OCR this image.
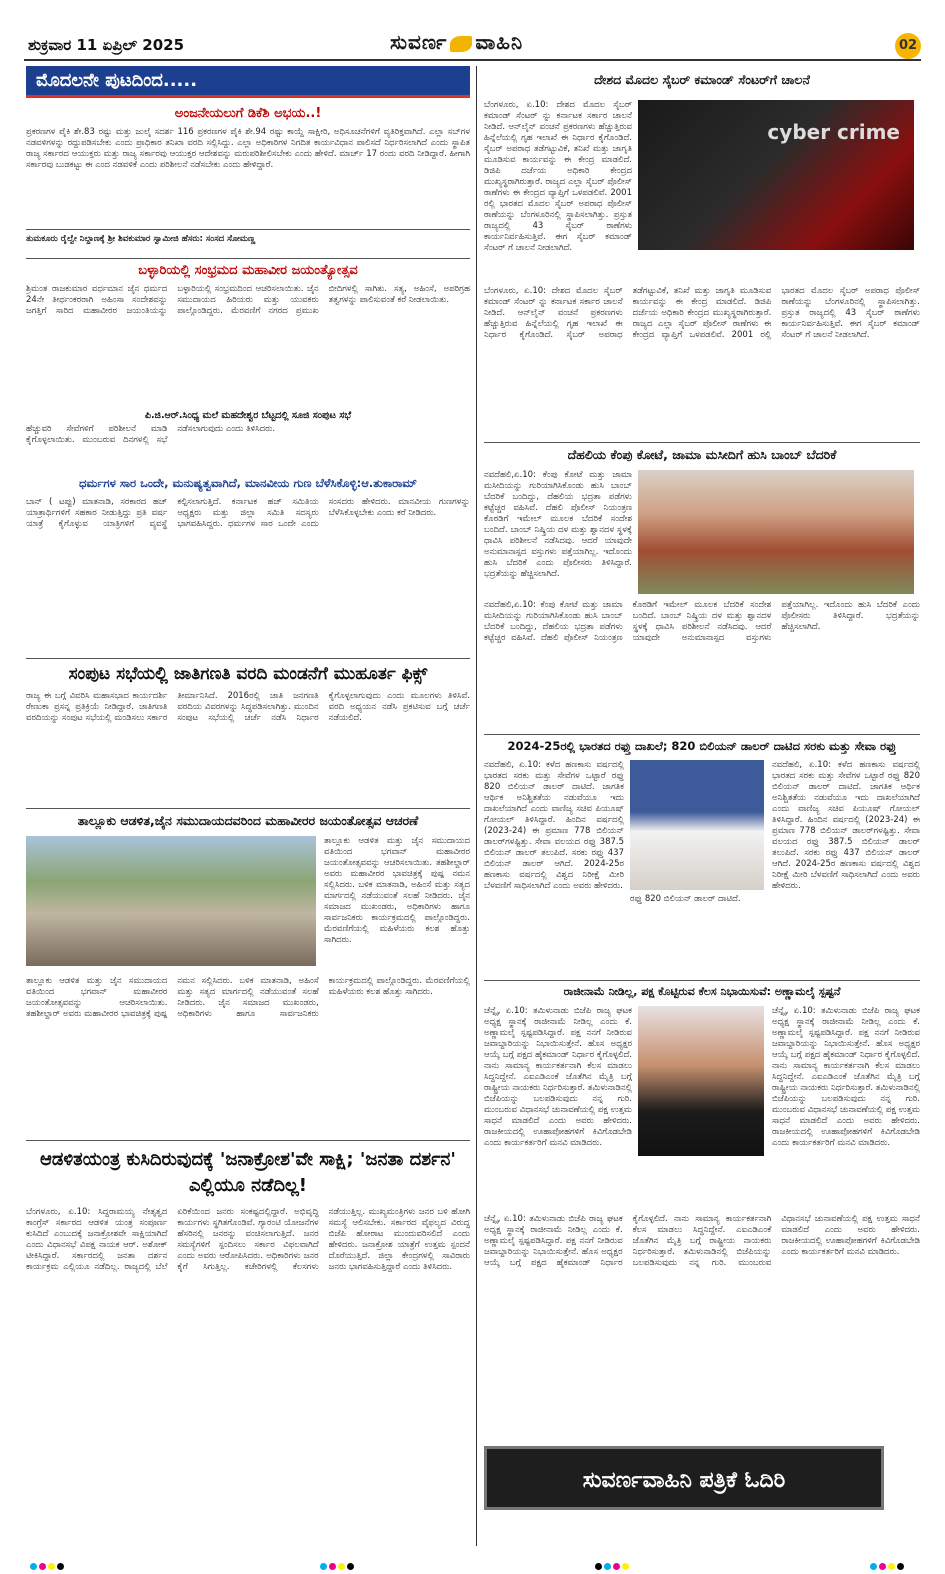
ಶುಕ್ರವಾರ 11 ಏಪ್ರಿಲ್ 2025	ಸುವರ್ಣ ವಾಹಿನಿ	02
ಮೊದಲನೇ ಪುಟದಿಂದ.....
ಅಂಜನೇಯಲುಗೆ ಡಿಕೆಶಿ ಅಭಯ..!
ಪ್ರಕರಣಗಳ ಪೈಕಿ ಶೇ.83 ರಷ್ಟು ಮತ್ತು ಜುಲೈ ಸದರ್ಶ 116 ಪ್ರಕರಣಗಳ ಪೈಕಿ ಶೇ.94 ರಷ್ಟು ಕಾಯ್ದೆ ಸಾಕ್ಷೀರಿ, ಅಧಿಸೂಚನೆಗಳಿಗೆ ವ್ಯತಿರಿಕ್ತವಾಗಿದೆ. ಎಲ್ಲಾ ಸಬ್‌ಗಳ ನಡವಳಿಗಳನ್ನು ರದ್ದುಪಡಿಸಬೇಕು ಎಂದು ಪ್ರಾಧಿಕಾರ ತನಿಖಾ ವರದಿ ಸಲ್ಲಿಸಿದ್ದು. ಎಲ್ಲಾ ಅಧಿಕಾರಿಗಳ ನಿಗದಿತ ಕಾರ್ಯವಿಧಾನ ಪಾಲಿಸದೆ ನಿರ್ಧರಿಸಲಾಗಿದೆ ಎಂದು ಸ್ಥಾಪಿತ ರಾಜ್ಯ ಸರ್ಕಾರದ ಆಯುಕ್ತರು ಮತ್ತು ರಾಜ್ಯ ಸರ್ಕಾರವು ಆಯುಕ್ತರ ಆದೇಶವನ್ನು ಮರುಪರಿಶೀಲಿಸಬೇಕು ಎಂದು ಹೇಳಿದೆ. ಮಾರ್ಚ್ 17 ರಂದು ವರದಿ ನೀಡಿದ್ದಾರೆ. ಹೀಗಾಗಿ ಸರ್ಕಾರವು ಬುಡಕಟ್ಟು ಈ ಎಂದ ನಡವಳಿಕೆ ಎಂದು ಪರಿಶೀಲನೆ ನಡೆಸಬೇಕು ಎಂದು ಹೇಳಿದ್ದಾರೆ.
ತುಮಕೂರು ರೈಲ್ವೇ ನಿಲ್ದಾಣಕ್ಕೆ ಶ್ರೀ ಶಿವಕುಮಾರ ಸ್ವಾಮೀಜಿ ಹೆಸರು: ಸಂಸದ ಸೋಮಣ್ಣ
ಬಳ್ಳಾರಿಯಲ್ಲಿ ಸಂಭ್ರಮದ ಮಹಾವೀರ ಜಯಂತ್ಯೋತ್ಸವ
ಶ್ರಿಮಂತ ರಾಜಕುಮಾರ ವರ್ಧಮಾನ ಜೈನ ಧರ್ಮದ 24ನೇ ತೀರ್ಥಂಕರರಾಗಿ ಅಹಿಂಸಾ ಸಂದೇಶವನ್ನು ಜಗತ್ತಿಗೆ ಸಾರಿದ ಮಹಾವೀರರ ಜಯಂತಿಯನ್ನು ಬಳ್ಳಾರಿಯಲ್ಲಿ ಸಂಭ್ರಮದಿಂದ ಆಚರಿಸಲಾಯಿತು. ಜೈನ ಸಮುದಾಯದ ಹಿರಿಯರು ಮತ್ತು ಯುವಕರು ಪಾಲ್ಗೊಂಡಿದ್ದರು. ಮೆರವಣಿಗೆ ನಗರದ ಪ್ರಮುಖ ಬೀದಿಗಳಲ್ಲಿ ಸಾಗಿತು. ಸತ್ಯ, ಅಹಿಂಸೆ, ಅಪರಿಗ್ರಹ ತತ್ವಗಳನ್ನು ಪಾಲಿಸುವಂತೆ ಕರೆ ನೀಡಲಾಯಿತು.
ಪಿ.ಜಿ.ಆರ್.ಸಿಂಧ್ಯ ಮಲೆ ಮಹದೇಶ್ವರ ಬೆಟ್ಟದಲ್ಲಿ ಸೂಜಿ ಸಂಪುಟ ಸಭೆ
ಹೆಚ್ಚುವರಿ ಸೇವೆಗಳಿಗೆ ಪರಿಶೀಲನೆ ಮಾಡಿ ಕೈಗೊಳ್ಳಲಾಯಿತು. ಮುಂಬರುವ ದಿನಗಳಲ್ಲಿ ಸಭೆ ನಡೆಸಲಾಗುವುದು ಎಂದು ತಿಳಿಸಿದರು.
ಧರ್ಮಗಳ ಸಾರ ಒಂದೇ, ಮನುಷ್ಯತ್ವವಾಗಿದೆ, ಮಾನವೀಯ ಗುಣ ಬೆಳೆಸಿಕೊಳ್ಳಿ:ಆ.ತುಕಾರಾಮ್
ಬಾನ್ ( ಟಪ್ಪು) ಮಾತನಾಡಿ, ಸರಕಾರದ ಹಜ್ ಯಾತ್ರಾರ್ಥಿಗಳಿಗೆ ಸಹಕಾರ ನೀಡುತ್ತಿದ್ದು ಪ್ರತಿ ವರ್ಷ ಯಾತ್ರೆ ಕೈಗೊಳ್ಳುವ ಯಾತ್ರಿಗಳಿಗೆ ವ್ಯವಸ್ಥೆ ಕಲ್ಪಿಸಲಾಗುತ್ತಿದೆ. ಕರ್ನಾಟಕ ಹಜ್ ಸಮಿತಿಯ ಅಧ್ಯಕ್ಷರು ಮತ್ತು ಜಿಲ್ಲಾ ಸಮಿತಿ ಸದಸ್ಯರು ಭಾಗವಹಿಸಿದ್ದರು. ಧರ್ಮಗಳ ಸಾರ ಒಂದೇ ಎಂದು ಸಂಸದರು ಹೇಳಿದರು. ಮಾನವೀಯ ಗುಣಗಳನ್ನು ಬೆಳೆಸಿಕೊಳ್ಳಬೇಕು ಎಂದು ಕರೆ ನೀಡಿದರು.
ಸಂಪುಟ ಸಭೆಯಲ್ಲಿ ಜಾತಿಗಣತಿ ವರದಿ ಮಂಡನೆಗೆ ಮುಹೂರ್ತ ಫಿಕ್ಸ್
ರಾಜ್ಯ ಈ ಬಗ್ಗೆ ವಿವರಿಸಿ ಮಹಾಸಭಾದ ಕಾರ್ಯದರ್ಶಿ ರೇಣುಕಾ ಪ್ರಸನ್ನ ಪ್ರತಿಕ್ರಿಯೆ ನೀಡಿದ್ದಾರೆ. ಜಾತಿಗಣತಿ ವರದಿಯನ್ನು ಸಂಪುಟ ಸಭೆಯಲ್ಲಿ ಮಂಡಿಸಲು ಸರ್ಕಾರ ತೀರ್ಮಾನಿಸಿದೆ. 2016ರಲ್ಲಿ ಜಾತಿ ಜನಗಣತಿ ವರದಿಯ ವಿವರಗಳನ್ನು ಸಿದ್ಧಪಡಿಸಲಾಗಿತ್ತು. ಮುಂದಿನ ಸಂಪುಟ ಸಭೆಯಲ್ಲಿ ಚರ್ಚೆ ನಡೆಸಿ ನಿರ್ಧಾರ ಕೈಗೊಳ್ಳಲಾಗುವುದು ಎಂದು ಮೂಲಗಳು ತಿಳಿಸಿವೆ. ವರದಿ ಅಧ್ಯಯನ ನಡೆಸಿ ಪ್ರಕಟಿಸುವ ಬಗ್ಗೆ ಚರ್ಚೆ ನಡೆಯಲಿದೆ.
ತಾಲ್ಲೂಕು ಆಡಳಿತ,ಜೈನ ಸಮುದಾಯದವರಿಂದ ಮಹಾವೀರರ ಜಯಂತೋತ್ಸವ ಆಚರಣೆ
ತಾಲ್ಲೂಕು ಆಡಳಿತ ಮತ್ತು ಜೈನ ಸಮುದಾಯದ ವತಿಯಿಂದ ಭಗವಾನ್ ಮಹಾವೀರರ ಜಯಂತೋತ್ಸವವನ್ನು ಆಚರಿಸಲಾಯಿತು. ತಹಶೀಲ್ದಾರ್ ಅವರು ಮಹಾವೀರರ ಭಾವಚಿತ್ರಕ್ಕೆ ಪುಷ್ಪ ನಮನ ಸಲ್ಲಿಸಿದರು. ಬಳಿಕ ಮಾತನಾಡಿ, ಅಹಿಂಸೆ ಮತ್ತು ಸತ್ಯದ ಮಾರ್ಗದಲ್ಲಿ ನಡೆಯುವಂತೆ ಸಲಹೆ ನೀಡಿದರು. ಜೈನ ಸಮಾಜದ ಮುಖಂಡರು, ಅಧಿಕಾರಿಗಳು ಹಾಗೂ ಸಾರ್ವಜನಿಕರು ಕಾರ್ಯಕ್ರಮದಲ್ಲಿ ಪಾಲ್ಗೊಂಡಿದ್ದರು. ಮೆರವಣಿಗೆಯಲ್ಲಿ ಮಹಿಳೆಯರು ಕಲಶ ಹೊತ್ತು ಸಾಗಿದರು.
ತಾಲ್ಲೂಕು ಆಡಳಿತ ಮತ್ತು ಜೈನ ಸಮುದಾಯದ ವತಿಯಿಂದ ಭಗವಾನ್ ಮಹಾವೀರರ ಜಯಂತೋತ್ಸವವನ್ನು ಆಚರಿಸಲಾಯಿತು. ತಹಶೀಲ್ದಾರ್ ಅವರು ಮಹಾವೀರರ ಭಾವಚಿತ್ರಕ್ಕೆ ಪುಷ್ಪ ನಮನ ಸಲ್ಲಿಸಿದರು. ಬಳಿಕ ಮಾತನಾಡಿ, ಅಹಿಂಸೆ ಮತ್ತು ಸತ್ಯದ ಮಾರ್ಗದಲ್ಲಿ ನಡೆಯುವಂತೆ ಸಲಹೆ ನೀಡಿದರು. ಜೈನ ಸಮಾಜದ ಮುಖಂಡರು, ಅಧಿಕಾರಿಗಳು ಹಾಗೂ ಸಾರ್ವಜನಿಕರು ಕಾರ್ಯಕ್ರಮದಲ್ಲಿ ಪಾಲ್ಗೊಂಡಿದ್ದರು. ಮೆರವಣಿಗೆಯಲ್ಲಿ ಮಹಿಳೆಯರು ಕಲಶ ಹೊತ್ತು ಸಾಗಿದರು.
ಆಡಳಿತಯಂತ್ರ ಕುಸಿದಿರುವುದಕ್ಕೆ 'ಜನಾಕ್ರೋಶ'ವೇ ಸಾಕ್ಷಿ; 'ಜನತಾ ದರ್ಶನ' ಎಲ್ಲಿಯೂ ನಡೆದಿಲ್ಲ!
ಬೆಂಗಳೂರು, ಏ.10: ಸಿದ್ದರಾಮಯ್ಯ ನೇತೃತ್ವದ ಕಾಂಗ್ರೆಸ್ ಸರ್ಕಾರದ ಆಡಳಿತ ಯಂತ್ರ ಸಂಪೂರ್ಣ ಕುಸಿದಿದೆ ಎಂಬುದಕ್ಕೆ ಜನಾಕ್ರೋಶವೇ ಸಾಕ್ಷಿಯಾಗಿದೆ ಎಂದು ವಿಧಾನಸಭೆ ವಿಪಕ್ಷ ನಾಯಕ ಆರ್. ಅಶೋಕ್ ಟೀಕಿಸಿದ್ದಾರೆ. ಸರ್ಕಾರದಲ್ಲಿ ಜನತಾ ದರ್ಶನ ಕಾರ್ಯಕ್ರಮ ಎಲ್ಲಿಯೂ ನಡೆದಿಲ್ಲ. ರಾಜ್ಯದಲ್ಲಿ ಬೆಲೆ ಏರಿಕೆಯಿಂದ ಜನರು ಸಂಕಷ್ಟದಲ್ಲಿದ್ದಾರೆ. ಅಭಿವೃದ್ಧಿ ಕಾರ್ಯಗಳು ಸ್ಥಗಿತಗೊಂಡಿವೆ. ಗ್ಯಾರಂಟಿ ಯೋಜನೆಗಳ ಹೆಸರಿನಲ್ಲಿ ಜನರನ್ನು ವಂಚಿಸಲಾಗುತ್ತಿದೆ. ಜನರ ಸಮಸ್ಯೆಗಳಿಗೆ ಸ್ಪಂದಿಸಲು ಸರ್ಕಾರ ವಿಫಲವಾಗಿದೆ ಎಂದು ಅವರು ಆರೋಪಿಸಿದರು. ಅಧಿಕಾರಿಗಳು ಜನರ ಕೈಗೆ ಸಿಗುತ್ತಿಲ್ಲ. ಕಚೇರಿಗಳಲ್ಲಿ ಕೆಲಸಗಳು ನಡೆಯುತ್ತಿಲ್ಲ. ಮುಖ್ಯಮಂತ್ರಿಗಳು ಜನರ ಬಳಿ ಹೋಗಿ ಸಮಸ್ಯೆ ಆಲಿಸಬೇಕು. ಸರ್ಕಾರದ ವೈಫಲ್ಯದ ವಿರುದ್ಧ ಬಿಜೆಪಿ ಹೋರಾಟ ಮುಂದುವರಿಸಲಿದೆ ಎಂದು ಹೇಳಿದರು. ಜನಾಕ್ರೋಶ ಯಾತ್ರೆಗೆ ಉತ್ತಮ ಸ್ಪಂದನೆ ದೊರೆಯುತ್ತಿದೆ. ಜಿಲ್ಲಾ ಕೇಂದ್ರಗಳಲ್ಲಿ ಸಾವಿರಾರು ಜನರು ಭಾಗವಹಿಸುತ್ತಿದ್ದಾರೆ ಎಂದು ತಿಳಿಸಿದರು.
ದೇಶದ ಮೊದಲ ಸೈಬರ್ ಕಮಾಂಡ್ ಸೆಂಟರ್‌ಗೆ ಚಾಲನೆ
ಬೆಂಗಳೂರು, ಏ.10: ದೇಶದ ಮೊದಲ ಸೈಬರ್ ಕಮಾಂಡ್ ಸೆಂಟರ್ ನ್ನು ಕರ್ನಾಟಕ ಸರ್ಕಾರ ಚಾಲನೆ ನೀಡಿದೆ. ಆನ್‌ಲೈನ್ ವಂಚನೆ ಪ್ರಕರಣಗಳು ಹೆಚ್ಚುತ್ತಿರುವ ಹಿನ್ನೆಲೆಯಲ್ಲಿ ಗೃಹ ಇಲಾಖೆ ಈ ನಿರ್ಧಾರ ಕೈಗೊಂಡಿದೆ. ಸೈಬರ್ ಅಪರಾಧ ತಡೆಗಟ್ಟುವಿಕೆ, ತನಿಖೆ ಮತ್ತು ಜಾಗೃತಿ ಮೂಡಿಸುವ ಕಾರ್ಯವನ್ನು ಈ ಕೇಂದ್ರ ಮಾಡಲಿದೆ. ಡಿಜಿಪಿ ದರ್ಜೆಯ ಅಧಿಕಾರಿ ಕೇಂದ್ರದ ಮುಖ್ಯಸ್ಥರಾಗಿರುತ್ತಾರೆ. ರಾಜ್ಯದ ಎಲ್ಲಾ ಸೈಬರ್ ಪೊಲೀಸ್ ಠಾಣೆಗಳು ಈ ಕೇಂದ್ರದ ವ್ಯಾಪ್ತಿಗೆ ಒಳಪಡಲಿವೆ. 2001 ರಲ್ಲಿ ಭಾರತದ ಮೊದಲ ಸೈಬರ್ ಅಪರಾಧ ಪೊಲೀಸ್ ಠಾಣೆಯನ್ನು ಬೆಂಗಳೂರಿನಲ್ಲಿ ಸ್ಥಾಪಿಸಲಾಗಿತ್ತು. ಪ್ರಸ್ತುತ ರಾಜ್ಯದಲ್ಲಿ 43 ಸೈಬರ್ ಠಾಣೆಗಳು ಕಾರ್ಯನಿರ್ವಹಿಸುತ್ತಿವೆ. ಈಗ ಸೈಬರ್ ಕಮಾಂಡ್ ಸೆಂಟರ್ ಗೆ ಚಾಲನೆ ನೀಡಲಾಗಿದೆ.
cyber crime
ಬೆಂಗಳೂರು, ಏ.10: ದೇಶದ ಮೊದಲ ಸೈಬರ್ ಕಮಾಂಡ್ ಸೆಂಟರ್ ನ್ನು ಕರ್ನಾಟಕ ಸರ್ಕಾರ ಚಾಲನೆ ನೀಡಿದೆ. ಆನ್‌ಲೈನ್ ವಂಚನೆ ಪ್ರಕರಣಗಳು ಹೆಚ್ಚುತ್ತಿರುವ ಹಿನ್ನೆಲೆಯಲ್ಲಿ ಗೃಹ ಇಲಾಖೆ ಈ ನಿರ್ಧಾರ ಕೈಗೊಂಡಿದೆ. ಸೈಬರ್ ಅಪರಾಧ ತಡೆಗಟ್ಟುವಿಕೆ, ತನಿಖೆ ಮತ್ತು ಜಾಗೃತಿ ಮೂಡಿಸುವ ಕಾರ್ಯವನ್ನು ಈ ಕೇಂದ್ರ ಮಾಡಲಿದೆ. ಡಿಜಿಪಿ ದರ್ಜೆಯ ಅಧಿಕಾರಿ ಕೇಂದ್ರದ ಮುಖ್ಯಸ್ಥರಾಗಿರುತ್ತಾರೆ. ರಾಜ್ಯದ ಎಲ್ಲಾ ಸೈಬರ್ ಪೊಲೀಸ್ ಠಾಣೆಗಳು ಈ ಕೇಂದ್ರದ ವ್ಯಾಪ್ತಿಗೆ ಒಳಪಡಲಿವೆ. 2001 ರಲ್ಲಿ ಭಾರತದ ಮೊದಲ ಸೈಬರ್ ಅಪರಾಧ ಪೊಲೀಸ್ ಠಾಣೆಯನ್ನು ಬೆಂಗಳೂರಿನಲ್ಲಿ ಸ್ಥಾಪಿಸಲಾಗಿತ್ತು. ಪ್ರಸ್ತುತ ರಾಜ್ಯದಲ್ಲಿ 43 ಸೈಬರ್ ಠಾಣೆಗಳು ಕಾರ್ಯನಿರ್ವಹಿಸುತ್ತಿವೆ. ಈಗ ಸೈಬರ್ ಕಮಾಂಡ್ ಸೆಂಟರ್ ಗೆ ಚಾಲನೆ ನೀಡಲಾಗಿದೆ.
ದೆಹಲಿಯ ಕೆಂಪು ಕೋಟೆ, ಜಾಮಾ ಮಸೀದಿಗೆ ಹುಸಿ ಬಾಂಬ್ ಬೆದರಿಕೆ
ನವದೆಹಲಿ,ಏ.10: ಕೆಂಪು ಕೋಟೆ ಮತ್ತು ಜಾಮಾ ಮಸೀದಿಯನ್ನು ಗುರಿಯಾಗಿಸಿಕೊಂಡು ಹುಸಿ ಬಾಂಬ್ ಬೆದರಿಕೆ ಬಂದಿದ್ದು, ದೆಹಲಿಯ ಭದ್ರತಾ ಪಡೆಗಳು ಕಟ್ಟೆಚ್ಚರ ವಹಿಸಿವೆ. ದೆಹಲಿ ಪೊಲೀಸ್ ನಿಯಂತ್ರಣ ಕೊಠಡಿಗೆ ಇಮೇಲ್ ಮೂಲಕ ಬೆದರಿಕೆ ಸಂದೇಶ ಬಂದಿದೆ. ಬಾಂಬ್ ನಿಷ್ಕ್ರಿಯ ದಳ ಮತ್ತು ಶ್ವಾನದಳ ಸ್ಥಳಕ್ಕೆ ಧಾವಿಸಿ ಪರಿಶೀಲನೆ ನಡೆಸಿದವು. ಆದರೆ ಯಾವುದೇ ಅನುಮಾನಾಸ್ಪದ ವಸ್ತುಗಳು ಪತ್ತೆಯಾಗಿಲ್ಲ. ಇದೊಂದು ಹುಸಿ ಬೆದರಿಕೆ ಎಂದು ಪೊಲೀಸರು ತಿಳಿಸಿದ್ದಾರೆ. ಭದ್ರತೆಯನ್ನು ಹೆಚ್ಚಿಸಲಾಗಿದೆ.
ನವದೆಹಲಿ,ಏ.10: ಕೆಂಪು ಕೋಟೆ ಮತ್ತು ಜಾಮಾ ಮಸೀದಿಯನ್ನು ಗುರಿಯಾಗಿಸಿಕೊಂಡು ಹುಸಿ ಬಾಂಬ್ ಬೆದರಿಕೆ ಬಂದಿದ್ದು, ದೆಹಲಿಯ ಭದ್ರತಾ ಪಡೆಗಳು ಕಟ್ಟೆಚ್ಚರ ವಹಿಸಿವೆ. ದೆಹಲಿ ಪೊಲೀಸ್ ನಿಯಂತ್ರಣ ಕೊಠಡಿಗೆ ಇಮೇಲ್ ಮೂಲಕ ಬೆದರಿಕೆ ಸಂದೇಶ ಬಂದಿದೆ. ಬಾಂಬ್ ನಿಷ್ಕ್ರಿಯ ದಳ ಮತ್ತು ಶ್ವಾನದಳ ಸ್ಥಳಕ್ಕೆ ಧಾವಿಸಿ ಪರಿಶೀಲನೆ ನಡೆಸಿದವು. ಆದರೆ ಯಾವುದೇ ಅನುಮಾನಾಸ್ಪದ ವಸ್ತುಗಳು ಪತ್ತೆಯಾಗಿಲ್ಲ. ಇದೊಂದು ಹುಸಿ ಬೆದರಿಕೆ ಎಂದು ಪೊಲೀಸರು ತಿಳಿಸಿದ್ದಾರೆ. ಭದ್ರತೆಯನ್ನು ಹೆಚ್ಚಿಸಲಾಗಿದೆ.
2024-25ರಲ್ಲಿ ಭಾರತದ ರಫ್ತು ದಾಖಲೆ; 820 ಬಿಲಿಯನ್ ಡಾಲರ್ ದಾಟಿದ ಸರಕು ಮತ್ತು ಸೇವಾ ರಫ್ತು
ನವದೆಹಲಿ, ಏ.10: ಕಳೆದ ಹಣಕಾಸು ವರ್ಷದಲ್ಲಿ ಭಾರತದ ಸರಕು ಮತ್ತು ಸೇವೆಗಳ ಒಟ್ಟಾರೆ ರಫ್ತು 820 ಬಿಲಿಯನ್ ಡಾಲರ್ ದಾಟಿದೆ. ಜಾಗತಿಕ ಆರ್ಥಿಕ ಅನಿಶ್ಚಿತತೆಯ ನಡುವೆಯೂ ಇದು ದಾಖಲೆಯಾಗಿದೆ ಎಂದು ವಾಣಿಜ್ಯ ಸಚಿವ ಪಿಯೂಷ್ ಗೋಯಲ್ ತಿಳಿಸಿದ್ದಾರೆ. ಹಿಂದಿನ ವರ್ಷದಲ್ಲಿ (2023-24) ಈ ಪ್ರಮಾಣ 778 ಬಿಲಿಯನ್ ಡಾಲರ್‌ಗಳಷ್ಟಿತ್ತು. ಸೇವಾ ವಲಯದ ರಫ್ತು 387.5 ಬಿಲಿಯನ್ ಡಾಲರ್ ತಲುಪಿದೆ. ಸರಕು ರಫ್ತು 437 ಬಿಲಿಯನ್ ಡಾಲರ್ ಆಗಿದೆ. 2024-25ರ ಹಣಕಾಸು ವರ್ಷದಲ್ಲಿ ವಿಶ್ವದ ನಿರೀಕ್ಷೆ ಮೀರಿ ಬೆಳವಣಿಗೆ ಸಾಧಿಸಲಾಗಿದೆ ಎಂದು ಅವರು ಹೇಳಿದರು.
ರಫ್ತು 820 ಬಿಲಿಯನ್ ಡಾಲರ್ ದಾಟಿದೆ.
ನವದೆಹಲಿ, ಏ.10: ಕಳೆದ ಹಣಕಾಸು ವರ್ಷದಲ್ಲಿ ಭಾರತದ ಸರಕು ಮತ್ತು ಸೇವೆಗಳ ಒಟ್ಟಾರೆ ರಫ್ತು 820 ಬಿಲಿಯನ್ ಡಾಲರ್ ದಾಟಿದೆ. ಜಾಗತಿಕ ಆರ್ಥಿಕ ಅನಿಶ್ಚಿತತೆಯ ನಡುವೆಯೂ ಇದು ದಾಖಲೆಯಾಗಿದೆ ಎಂದು ವಾಣಿಜ್ಯ ಸಚಿವ ಪಿಯೂಷ್ ಗೋಯಲ್ ತಿಳಿಸಿದ್ದಾರೆ. ಹಿಂದಿನ ವರ್ಷದಲ್ಲಿ (2023-24) ಈ ಪ್ರಮಾಣ 778 ಬಿಲಿಯನ್ ಡಾಲರ್‌ಗಳಷ್ಟಿತ್ತು. ಸೇವಾ ವಲಯದ ರಫ್ತು 387.5 ಬಿಲಿಯನ್ ಡಾಲರ್ ತಲುಪಿದೆ. ಸರಕು ರಫ್ತು 437 ಬಿಲಿಯನ್ ಡಾಲರ್ ಆಗಿದೆ. 2024-25ರ ಹಣಕಾಸು ವರ್ಷದಲ್ಲಿ ವಿಶ್ವದ ನಿರೀಕ್ಷೆ ಮೀರಿ ಬೆಳವಣಿಗೆ ಸಾಧಿಸಲಾಗಿದೆ ಎಂದು ಅವರು ಹೇಳಿದರು.
ರಾಜೀನಾಮೆ ನೀಡಿಲ್ಲ, ಪಕ್ಷ ಕೊಟ್ಟಿರುವ ಕೆಲಸ ನಿಭಾಯಿಸುವೆ: ಅಣ್ಣಾಮಲೈ ಸ್ಪಷ್ಟನೆ
ಚೆನ್ನೈ, ಏ.10: ತಮಿಳುನಾಡು ಬಿಜೆಪಿ ರಾಜ್ಯ ಘಟಕ ಅಧ್ಯಕ್ಷ ಸ್ಥಾನಕ್ಕೆ ರಾಜೀನಾಮೆ ನೀಡಿಲ್ಲ ಎಂದು ಕೆ. ಅಣ್ಣಾಮಲೈ ಸ್ಪಷ್ಟಪಡಿಸಿದ್ದಾರೆ. ಪಕ್ಷ ನನಗೆ ನೀಡಿರುವ ಜವಾಬ್ದಾರಿಯನ್ನು ನಿಭಾಯಿಸುತ್ತೇನೆ. ಹೊಸ ಅಧ್ಯಕ್ಷರ ಆಯ್ಕೆ ಬಗ್ಗೆ ಪಕ್ಷದ ಹೈಕಮಾಂಡ್ ನಿರ್ಧಾರ ಕೈಗೊಳ್ಳಲಿದೆ. ನಾನು ಸಾಮಾನ್ಯ ಕಾರ್ಯಕರ್ತನಾಗಿ ಕೆಲಸ ಮಾಡಲು ಸಿದ್ಧನಿದ್ದೇನೆ. ಎಐಎಡಿಎಂಕೆ ಜೊತೆಗಿನ ಮೈತ್ರಿ ಬಗ್ಗೆ ರಾಷ್ಟ್ರೀಯ ನಾಯಕರು ನಿರ್ಧರಿಸುತ್ತಾರೆ. ತಮಿಳುನಾಡಿನಲ್ಲಿ ಬಿಜೆಪಿಯನ್ನು ಬಲಪಡಿಸುವುದು ನನ್ನ ಗುರಿ. ಮುಂಬರುವ ವಿಧಾನಸಭೆ ಚುನಾವಣೆಯಲ್ಲಿ ಪಕ್ಷ ಉತ್ತಮ ಸಾಧನೆ ಮಾಡಲಿದೆ ಎಂದು ಅವರು ಹೇಳಿದರು. ರಾಜಕೀಯದಲ್ಲಿ ಊಹಾಪೋಹಗಳಿಗೆ ಕಿವಿಗೊಡಬೇಡಿ ಎಂದು ಕಾರ್ಯಕರ್ತರಿಗೆ ಮನವಿ ಮಾಡಿದರು.
ಚೆನ್ನೈ, ಏ.10: ತಮಿಳುನಾಡು ಬಿಜೆಪಿ ರಾಜ್ಯ ಘಟಕ ಅಧ್ಯಕ್ಷ ಸ್ಥಾನಕ್ಕೆ ರಾಜೀನಾಮೆ ನೀಡಿಲ್ಲ ಎಂದು ಕೆ. ಅಣ್ಣಾಮಲೈ ಸ್ಪಷ್ಟಪಡಿಸಿದ್ದಾರೆ. ಪಕ್ಷ ನನಗೆ ನೀಡಿರುವ ಜವಾಬ್ದಾರಿಯನ್ನು ನಿಭಾಯಿಸುತ್ತೇನೆ. ಹೊಸ ಅಧ್ಯಕ್ಷರ ಆಯ್ಕೆ ಬಗ್ಗೆ ಪಕ್ಷದ ಹೈಕಮಾಂಡ್ ನಿರ್ಧಾರ ಕೈಗೊಳ್ಳಲಿದೆ. ನಾನು ಸಾಮಾನ್ಯ ಕಾರ್ಯಕರ್ತನಾಗಿ ಕೆಲಸ ಮಾಡಲು ಸಿದ್ಧನಿದ್ದೇನೆ. ಎಐಎಡಿಎಂಕೆ ಜೊತೆಗಿನ ಮೈತ್ರಿ ಬಗ್ಗೆ ರಾಷ್ಟ್ರೀಯ ನಾಯಕರು ನಿರ್ಧರಿಸುತ್ತಾರೆ. ತಮಿಳುನಾಡಿನಲ್ಲಿ ಬಿಜೆಪಿಯನ್ನು ಬಲಪಡಿಸುವುದು ನನ್ನ ಗುರಿ. ಮುಂಬರುವ ವಿಧಾನಸಭೆ ಚುನಾವಣೆಯಲ್ಲಿ ಪಕ್ಷ ಉತ್ತಮ ಸಾಧನೆ ಮಾಡಲಿದೆ ಎಂದು ಅವರು ಹೇಳಿದರು. ರಾಜಕೀಯದಲ್ಲಿ ಊಹಾಪೋಹಗಳಿಗೆ ಕಿವಿಗೊಡಬೇಡಿ ಎಂದು ಕಾರ್ಯಕರ್ತರಿಗೆ ಮನವಿ ಮಾಡಿದರು.
ಚೆನ್ನೈ, ಏ.10: ತಮಿಳುನಾಡು ಬಿಜೆಪಿ ರಾಜ್ಯ ಘಟಕ ಅಧ್ಯಕ್ಷ ಸ್ಥಾನಕ್ಕೆ ರಾಜೀನಾಮೆ ನೀಡಿಲ್ಲ ಎಂದು ಕೆ. ಅಣ್ಣಾಮಲೈ ಸ್ಪಷ್ಟಪಡಿಸಿದ್ದಾರೆ. ಪಕ್ಷ ನನಗೆ ನೀಡಿರುವ ಜವಾಬ್ದಾರಿಯನ್ನು ನಿಭಾಯಿಸುತ್ತೇನೆ. ಹೊಸ ಅಧ್ಯಕ್ಷರ ಆಯ್ಕೆ ಬಗ್ಗೆ ಪಕ್ಷದ ಹೈಕಮಾಂಡ್ ನಿರ್ಧಾರ ಕೈಗೊಳ್ಳಲಿದೆ. ನಾನು ಸಾಮಾನ್ಯ ಕಾರ್ಯಕರ್ತನಾಗಿ ಕೆಲಸ ಮಾಡಲು ಸಿದ್ಧನಿದ್ದೇನೆ. ಎಐಎಡಿಎಂಕೆ ಜೊತೆಗಿನ ಮೈತ್ರಿ ಬಗ್ಗೆ ರಾಷ್ಟ್ರೀಯ ನಾಯಕರು ನಿರ್ಧರಿಸುತ್ತಾರೆ. ತಮಿಳುನಾಡಿನಲ್ಲಿ ಬಿಜೆಪಿಯನ್ನು ಬಲಪಡಿಸುವುದು ನನ್ನ ಗುರಿ. ಮುಂಬರುವ ವಿಧಾನಸಭೆ ಚುನಾವಣೆಯಲ್ಲಿ ಪಕ್ಷ ಉತ್ತಮ ಸಾಧನೆ ಮಾಡಲಿದೆ ಎಂದು ಅವರು ಹೇಳಿದರು. ರಾಜಕೀಯದಲ್ಲಿ ಊಹಾಪೋಹಗಳಿಗೆ ಕಿವಿಗೊಡಬೇಡಿ ಎಂದು ಕಾರ್ಯಕರ್ತರಿಗೆ ಮನವಿ ಮಾಡಿದರು.
ಸುವರ್ಣವಾಹಿನಿ ಪತ್ರಿಕೆ ಓದಿರಿ
